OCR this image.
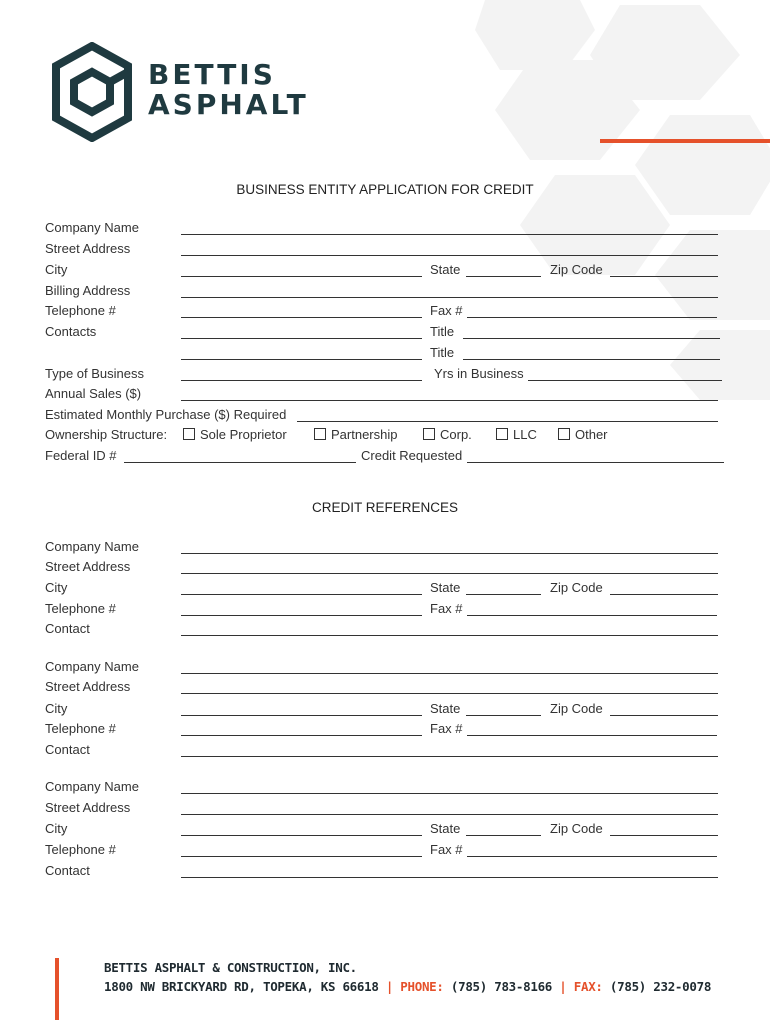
BETTIS
ASPHALT
BUSINESS ENTITY APPLICATION FOR CREDIT
Company Name
Street Address
City	State	Zip Code
Billing Address
Telephone #	Fax #
Contacts	Title
Title
Type of Business	Yrs in Business
Annual Sales ($)
Estimated Monthly Purchase ($) Required
Ownership Structure:	Sole Proprietor	Partnership	Corp.	LLC	Other
Federal ID #	Credit Requested
CREDIT REFERENCES
Company Name
Street Address
City	State	Zip Code
Telephone #	Fax #
Contact
Company Name
Street Address
City	State	Zip Code
Telephone #	Fax #
Contact
Company Name
Street Address
City	State	Zip Code
Telephone #	Fax #
Contact
BETTIS ASPHALT & CONSTRUCTION, INC.
1800 NW BRICKYARD RD, TOPEKA, KS 66618 | PHONE: (785) 783-8166 | FAX: (785) 232-0078
